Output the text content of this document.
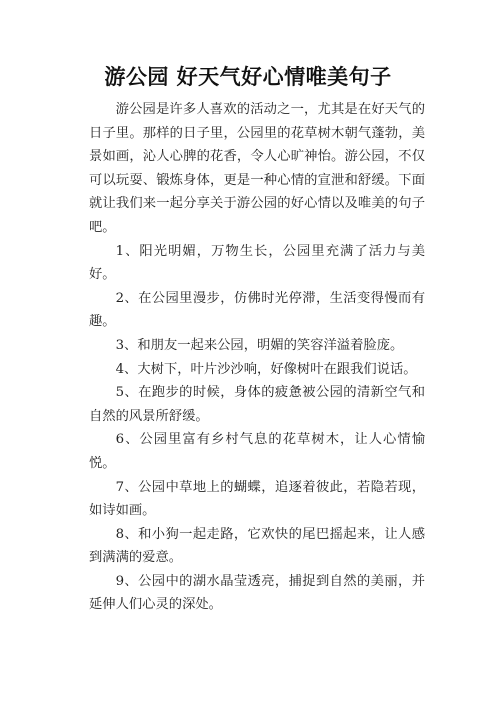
游公园 好天气好心情唯美句子

游公园是许多人喜欢的活动之一，尤其是在好天气的日子里。那样的日子里，公园里的花草树木朝气蓬勃，美景如画，沁人心脾的花香，令人心旷神怡。游公园，不仅可以玩耍、锻炼身体，更是一种心情的宣泄和舒缓。下面就让我们来一起分享关于游公园的好心情以及唯美的句子吧。

1、阳光明媚，万物生长，公园里充满了活力与美好。

2、在公园里漫步，仿佛时光停滞，生活变得慢而有趣。

3、和朋友一起来公园，明媚的笑容洋溢着脸庞。

4、大树下，叶片沙沙响，好像树叶在跟我们说话。

5、在跑步的时候，身体的疲惫被公园的清新空气和自然的风景所舒缓。

6、公园里富有乡村气息的花草树木，让人心情愉悦。

7、公园中草地上的蝴蝶，追逐着彼此，若隐若现，如诗如画。

8、和小狗一起走路，它欢快的尾巴摇起来，让人感到满满的爱意。

9、公园中的湖水晶莹透亮，捕捉到自然的美丽，并延伸人们心灵的深处。
